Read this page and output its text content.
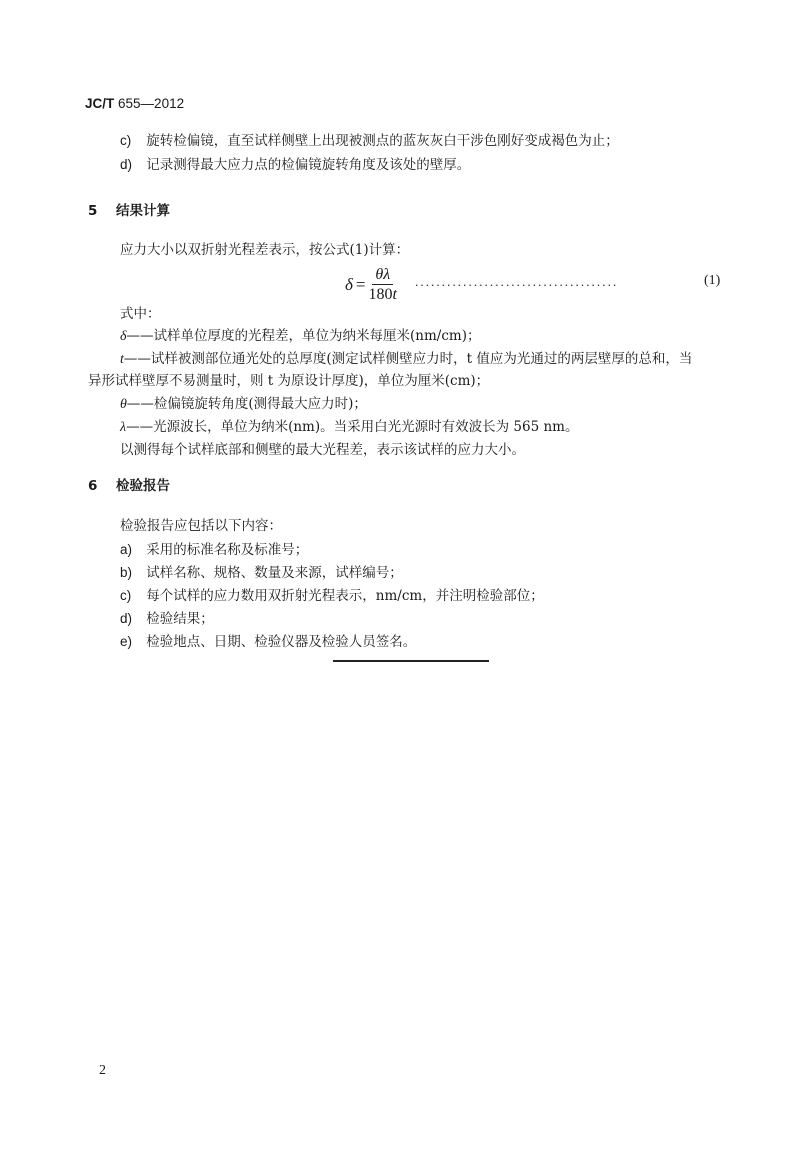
JC/T 655—2012
c) 旋转检偏镜，直至试样侧壁上出现被测点的蓝灰灰白干涉色刚好变成褐色为止；
d) 记录测得最大应力点的检偏镜旋转角度及该处的壁厚。
5 结果计算
应力大小以双折射光程差表示，按公式(1)计算：
$\delta = \frac{\theta\lambda}{180t}$ ......................................	(1)
式中：
δ——试样单位厚度的光程差，单位为纳米每厘米(nm/cm)；
t——试样被测部位通光处的总厚度(测定试样侧壁应力时，t 值应为光通过的两层壁厚的总和，当
异形试样壁厚不易测量时，则 t 为原设计厚度)，单位为厘米(cm)；
θ——检偏镜旋转角度(测得最大应力时)；
λ——光源波长，单位为纳米(nm)。当采用白光光源时有效波长为 565 nm。
以测得每个试样底部和侧壁的最大光程差，表示该试样的应力大小。
6 检验报告
检验报告应包括以下内容：
a) 采用的标准名称及标准号；
b) 试样名称、规格、数量及来源，试样编号；
c) 每个试样的应力数用双折射光程表示，nm/cm，并注明检验部位；
d) 检验结果；
e) 检验地点、日期、检验仪器及检验人员签名。
2
